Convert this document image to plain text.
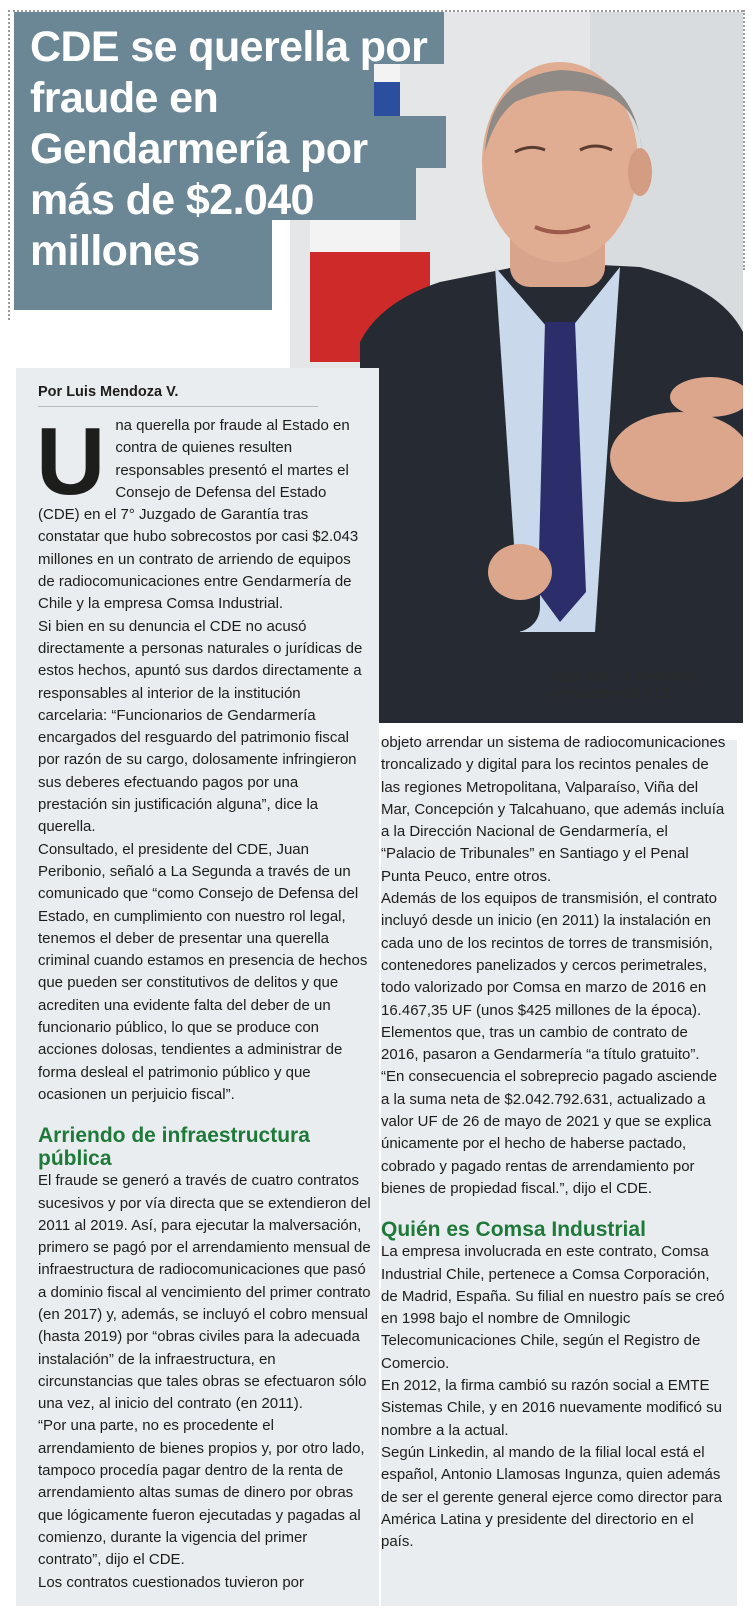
Juan Antonio Peribonio, presidente del CDE.
CDE se querella por fraude en Gendarmería por más de $2.040 millones
Por Luis Mendoza V.

Una querella por fraude al Estado en contra de quienes resulten responsables presentó el martes el Consejo de Defensa del Estado (CDE) en el 7° Juzgado de Garantía tras constatar que hubo sobrecostos por casi $2.043 millones en un contrato de arriendo de equipos de radiocomunicaciones entre Gendarmería de Chile y la empresa Comsa Industrial.

Si bien en su denuncia el CDE no acusó directamente a personas naturales o jurídicas de estos hechos, apuntó sus dardos directamente a responsables al interior de la institución carcelaria: “Funcionarios de Gendarmería encargados del resguardo del patrimonio fiscal por razón de su cargo, dolosamente infringieron sus deberes efectuando pagos por una prestación sin justificación alguna”, dice la querella.

Consultado, el presidente del CDE, Juan Peribonio, señaló a La Segunda a través de un comunicado que “como Consejo de Defensa del Estado, en cumplimiento con nuestro rol legal, tenemos el deber de presentar una querella criminal cuando estamos en presencia de hechos que pueden ser constitutivos de delitos y que acrediten una evidente falta del deber de un funcionario público, lo que se produce con acciones dolosas, tendientes a administrar de forma desleal el patrimonio público y que ocasionen un perjuicio fiscal”.

Arriendo de infraestructura pública

El fraude se generó a través de cuatro contratos sucesivos y por vía directa que se extendieron del 2011 al 2019. Así, para ejecutar la malversación, primero se pagó por el arrendamiento mensual de infraestructura de radiocomunicaciones que pasó a dominio fiscal al vencimiento del primer contrato (en 2017) y, además, se incluyó el cobro mensual (hasta 2019) por “obras civiles para la adecuada instalación” de la infraestructura, en circunstancias que tales obras se efectuaron sólo una vez, al inicio del contrato (en 2011).

“Por una parte, no es procedente el arrendamiento de bienes propios y, por otro lado, tampoco procedía pagar dentro de la renta de arrendamiento altas sumas de dinero por obras que lógicamente fueron ejecutadas y pagadas al comienzo, durante la vigencia del primer contrato”, dijo el CDE.

Los contratos cuestionados tuvieron por

objeto arrendar un sistema de radiocomunicaciones troncalizado y digital para los recintos penales de las regiones Metropolitana, Valparaíso, Viña del Mar, Concepción y Talcahuano, que además incluía a la Dirección Nacional de Gendarmería, el “Palacio de Tribunales” en Santiago y el Penal Punta Peuco, entre otros.

Además de los equipos de transmisión, el contrato incluyó desde un inicio (en 2011) la instalación en cada uno de los recintos de torres de transmisión, contenedores panelizados y cercos perimetrales, todo valorizado por Comsa en marzo de 2016 en 16.467,35 UF (unos $425 millones de la época). Elementos que, tras un cambio de contrato de 2016, pasaron a Gendarmería “a título gratuito”.

“En consecuencia el sobreprecio pagado asciende a la suma neta de $2.042.792.631, actualizado a valor UF de 26 de mayo de 2021 y que se explica únicamente por el hecho de haberse pactado, cobrado y pagado rentas de arrendamiento por bienes de propiedad fiscal.”, dijo el CDE.

Quién es Comsa Industrial

La empresa involucrada en este contrato, Comsa Industrial Chile, pertenece a Comsa Corporación, de Madrid, España. Su filial en nuestro país se creó en 1998 bajo el nombre de Omnilogic Telecomunicaciones Chile, según el Registro de Comercio.

En 2012, la firma cambió su razón social a EMTE Sistemas Chile, y en 2016 nuevamente modificó su nombre a la actual.

Según Linkedin, al mando de la filial local está el español, Antonio Llamosas Ingunza, quien además de ser el gerente general ejerce como director para América Latina y presidente del directorio en el país.
